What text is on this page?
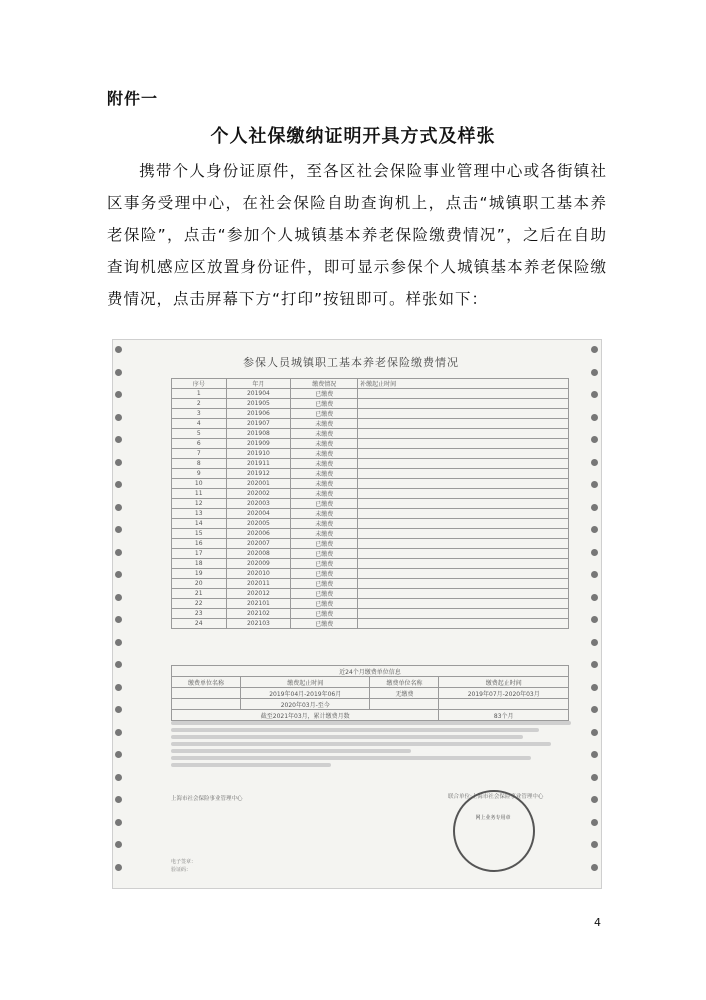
附件一
个人社保缴纳证明开具方式及样张
携带个人身份证原件，至各区社会保险事业管理中心或各街镇社区事务受理中心，在社会保险自助查询机上，点击“城镇职工基本养老保险”，点击“参加个人城镇基本养老保险缴费情况”，之后在自助查询机感应区放置身份证件，即可显示参保个人城镇基本养老保险缴费情况，点击屏幕下方“打印”按钮即可。样张如下：
参保人员城镇职工基本养老保险缴费情况
序号	年月	缴费情况	补缴起止时间
1	201904	已缴费	
2	201905	已缴费	
3	201906	已缴费	
4	201907	未缴费	
5	201908	未缴费	
6	201909	未缴费	
7	201910	未缴费	
8	201911	未缴费	
9	201912	未缴费	
10	202001	未缴费	
11	202002	未缴费	
12	202003	已缴费	
13	202004	未缴费	
14	202005	未缴费	
15	202006	未缴费	
16	202007	已缴费	
17	202008	已缴费	
18	202009	已缴费	
19	202010	已缴费	
20	202011	已缴费	
21	202012	已缴费	
22	202101	已缴费	
23	202102	已缴费	
24	202103	已缴费	
近24个月缴费单位信息			
缴费单位名称	缴费起止时间	缴费单位名称	缴费起止时间
	2019年04月-2019年06月	无缴费	2019年07月-2020年03月
	2020年03月-至今		
截至2021年03月，累计缴费月数			83个月
上海市社会保险事业管理中心	联合单位:上海市社会保险事业管理中心
网上业务专用章
电子签章：
验证码：
4
